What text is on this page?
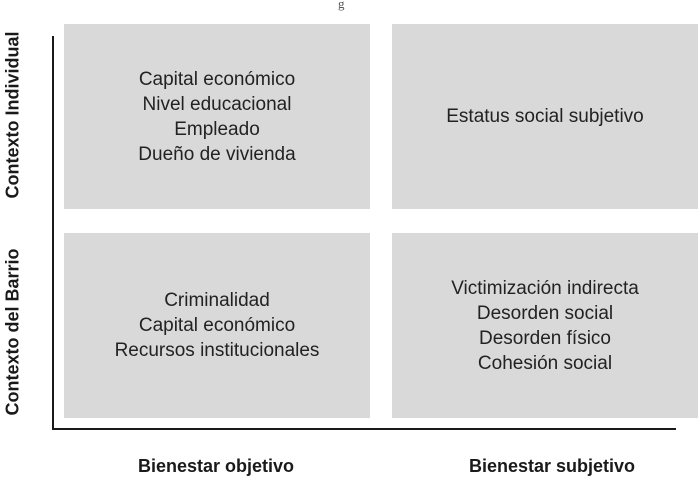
g
Contexto Individual
Contexto del Barrio
Capital económico
Nivel educacional
Empleado
Dueño de vivienda
Estatus social subjetivo
Criminalidad
Capital económico
Recursos institucionales
Victimización indirecta
Desorden social
Desorden físico
Cohesión social
Bienestar objetivo	Bienestar subjetivo
